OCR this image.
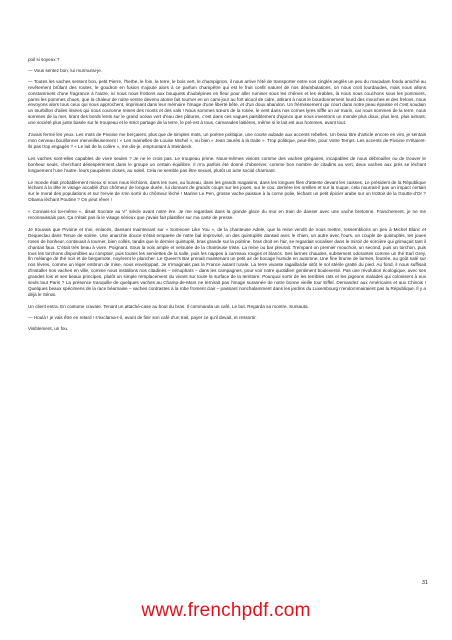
poil si soyeux ?

— Vous sentez bon, lui murmurai-je.

— Toutes les vaches sentent bon, petit Pierre, l'herbe, le foin, la terre, le bois vert, le champignon, il nous arrive l'été de transporter entre nos cinglés anglés un peu du macadam fondu amiché au revêtement brûlant des routes, le goudron en fusion s'ajoute alors à ce parfum champêtre qui est le fruit confit naturel de nos déambulations, on nous croit lourdaudes, mais nous allons constamment d'une fragrance à l'autre, ici nous nous frottons aux bouquets d'aubépines en fleur pour aller ruminer sous les chênes et les érables, là nous nous couchons sous les pommiers, parmi les pommes chues, que la chaleur de notre ventre devenu atonie fait tourner en un cami-jour au fort alcool de cidre, attirant à nous le bourdonnement lourd des mouches et des frelons, nous envoyons alors tous ceux qui nous approchent, imprimant dans leur mémoire l'image d'une liberté bête, et d'un doux abandon. Un frémissement qui court dans notre peau épaisse et c'est soudain un tourbillon d'ailes irisées qui nous couronne reines des monts et des vals ! Nous sommes sœurs de la rosée, le vent dans nos cornes lyres siffle un air marin, car nous sommes de la terre, nous sommes de la mer, tirant des bords lents sur le grand océan vert d'eau des pâtures, c'est dans ces vagues paisiblement d'ajoncs que nous inventons un monde plus doux, plus lent, plus aimant, une société plus juste basée sur le troupeau et le strict partage de la terre, le pré est à tous, camarades laitières, même si le lait est aux hommes, avant tout.

J'avais fermé les yeux. Les mots de Pivoine me berçaient, plus que de simples mots, un poème politique, une courte aubade aux accents rebelles. Un beau titre d'article encore en vint, je sentais mon cerveau bouillonner merveilleusement ! « Les mamelles de Louise Michel », ou bien « Jean Jaurès à la traite ». Trop politique, peut-être, pour Votre Temps. Les accents de Pivoine m'étaient-ils pas trop engagés ? « Le lait de la colère », me dis-je, empruntant à Steinbeck.

Les vaches sont-elles capables de vivre seules ? Je ne le crois pas. Le troupeau prime. Nous-mêmes vivions comme des vaches grégaires, incapables de nous débrouiller ou de trouver le bonheur seuls, cherchant désespérément dans le groupe un certain équilibre. Il m'a parfois été donné d'observer, comme bon nombre de citadins au vert, deux vaches aux prés se léchant longuement l'une l'autre, leurs paupières closes, au soleil. Cela ne semble pas être sexuel, plutôt un acte social charmant.

Le monde était probablement mieux si nous nous léchions, dans les rues, au bureau, dans les grands magasins, dans les longues files d'attente devant les caisses. Le président de la République léchant à la tête le visage accablé d'un chômeur de longue durée, lui donnant de grands coups sur les joues, sur le cou, derrière les oreilles et sur la nuque, cela nourrait-il pas un impact certain sur le moral des populations et sur l'envie de s'en sortir du chômeur léché ! Marine Le Pen, grosse vache paissue à la corne polie, léchant un petit épicier arabe sur un trottoir de la Goutte-d'Or ? Obama léchant Poutine ? On peut rêver !

« Connais-toi toi-même », disait Socrate au V° siècle avant notre ère. Je me regardais dans la grande glace du mur en train de danser avec une vache bretonne. Franchement, je ne me reconnaissais pas. Ça n'était pas là le visage sérieux que j'avais fait plastifier sur ma carte de presse.

Je trouvais que Pivoine et moi, enlacés, dansant maintenant sur « Someone Like You », de la chanteuse Adele, que la reine vendit de nous mettre, ressemblions un peu à Michel Blanc et Dequeclau dans Tenue de soirée. Une anarchie douce s'était emparée de notre bal improvisé, un des quintuplés dansait avec le chien, un autre avec l'ours, un couple de quintuplés, les joues roses de bonheur, continuait à tourner, bien collés, tandis que le dernier quintuplé, bras grande sur la poitrine, bras droit en l'air, se regardait vocaliser dans le miroir de sorcière qui grimaçait tant il chantait faux. C'était très beau à vivre. Poignant. Sous la voix ample et veloutée de la chanteuse triste. La reine ou bar pleurait. Trempant un premier mouchoir, un second, puis un torchon, puis tous les torchons disponibles au comptoir, puis toutes les serviettes de la salle, puis les nappes à carreaux rouges et blancs. Ses larmes chaudes, subitement odorantes comme un thé Earl Grey, fin mélange de thé noir et de bergamote, noyèrent le plancher. Le Queen's Bar prenait maintenant un petit air de bocage humide en automne. Une fine brume de larmes, feutrée, au goût salé sur nos lèvres, comme un léger embrun de mise, nous enveloppait. Je n'imaginais pas la France autant rurale. La terre vivante ragaillardie sitôt le sol stérile gratté du pied. Au fond, il nous suffisait d'installer nos vaches en ville, comme nous installons nos citadines – nénuphars – dans les campagnes, pour voir notre quotidien gentiment bouleversé. Pas une révolution écologique, avec ses grandes lois et ses beaux principes, plutôt un simple remplacement du vivant sur toute la surface de la territoire. Pourquoi sortir de les terribles rats et les pigeons malades qui colonisent à eux seuls tout Paris ? La présence tranquille de quelques vaches au Champ-de-Mars ne ternirait pas l'image surannée de notre bonne vieille tour Eiffel. Demandez aux Américains et aux Chinois ! Quelques beaux spécimens de la race béarnaise – vaches contrastes à la robe froment clair – paissant nonchalamment dans les jardins du Luxembourg n'endommairaient pas la République. Il y a déjà le Sénat.

Un client entra. En costume cravate. Tenant un attaché-case au bout du bras. Il commanda un café. Le but. Regarda sa montre. Sursauta.

— Houlà ! je vais être en retard ! s'exclama-t-il, avant de finir son café d'un trait, payer ce qu'il devait, et ressortir.

Visiblement, un fou.

31
www.frenchpdf.com
